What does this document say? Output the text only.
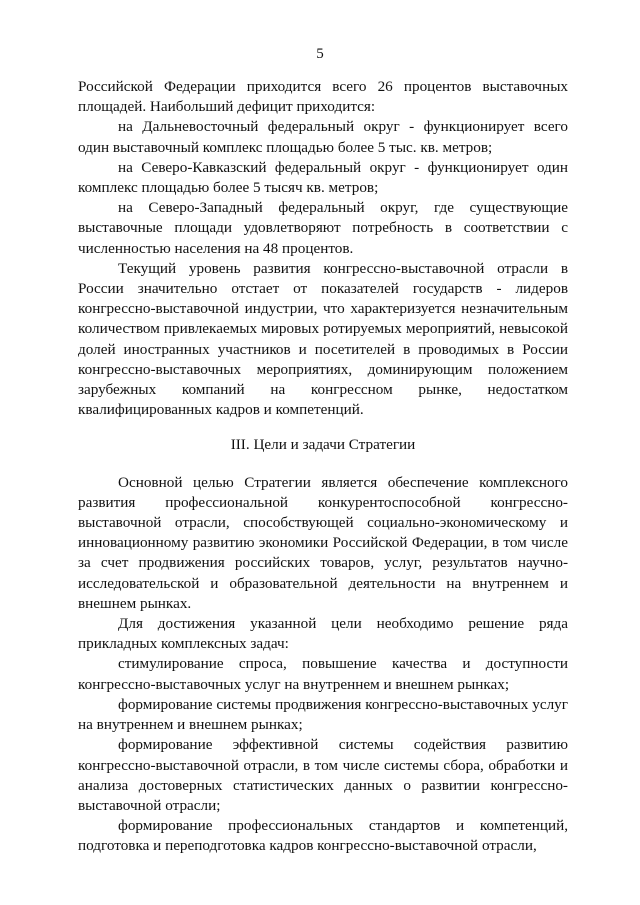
5

Российской Федерации приходится всего 26 процентов выставочных площадей. Наибольший дефицит приходится:

на Дальневосточный федеральный округ - функционирует всего один выставочный комплекс площадью более 5 тыс. кв. метров;

на Северо-Кавказский федеральный округ - функционирует один комплекс площадью более 5 тысяч кв. метров;

на Северо-Западный федеральный округ, где существующие выставочные площади удовлетворяют потребность в соответствии с численностью населения на 48 процентов.

Текущий уровень развития конгрессно-выставочной отрасли в России значительно отстает от показателей государств - лидеров конгрессно-выставочной индустрии, что характеризуется незначительным количеством привлекаемых мировых ротируемых мероприятий, невысокой долей иностранных участников и посетителей в проводимых в России конгрессно-выставочных мероприятиях, доминирующим положением зарубежных компаний на конгрессном рынке, недостатком квалифицированных кадров и компетенций.

III. Цели и задачи Стратегии

Основной целью Стратегии является обеспечение комплексного развития профессиональной конкурентоспособной конгрессно-выставочной отрасли, способствующей социально-экономическому и инновационному развитию экономики Российской Федерации, в том числе за счет продвижения российских товаров, услуг, результатов научно-исследовательской и образовательной деятельности на внутреннем и внешнем рынках.

Для достижения указанной цели необходимо решение ряда прикладных комплексных задач:

стимулирование спроса, повышение качества и доступности конгрессно-выставочных услуг на внутреннем и внешнем рынках;

формирование системы продвижения конгрессно-выставочных услуг на внутреннем и внешнем рынках;

формирование эффективной системы содействия развитию конгрессно-выставочной отрасли, в том числе системы сбора, обработки и анализа достоверных статистических данных о развитии конгрессно-выставочной отрасли;

формирование профессиональных стандартов и компетенций, подготовка и переподготовка кадров конгрессно-выставочной отрасли,
